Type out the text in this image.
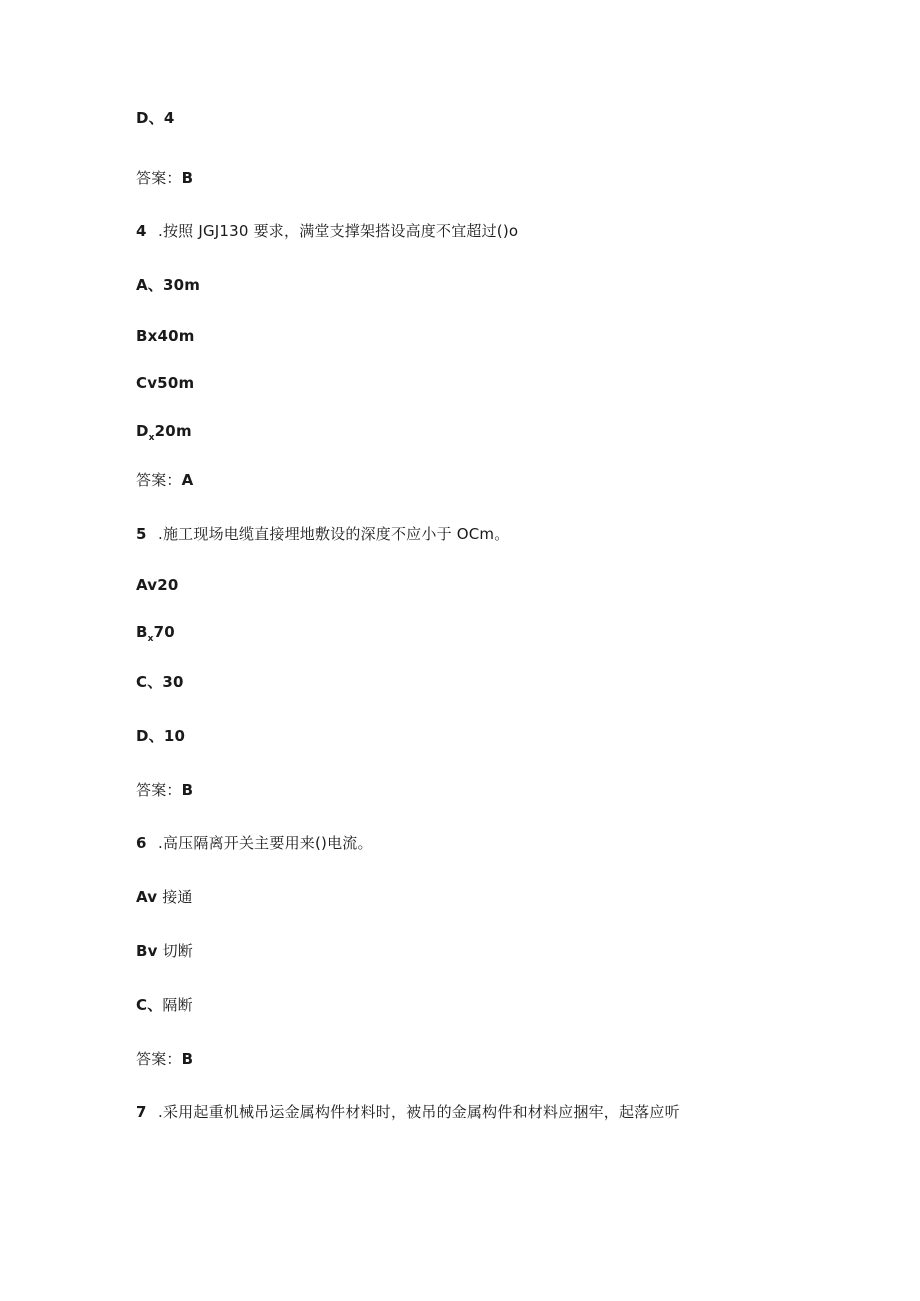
D、4
答案：B
4 .按照 JGJ130 要求，满堂支撑架搭设高度不宜超过()o
A、30m
Bx40m
Cv50m
$D_x20m$
答案：A
5 .施工现场电缆直接埋地敷设的深度不应小于 OCm。
Av20
$B_x70$
C、30
D、10
答案：B
6 .高压隔离开关主要用来()电流。
Av 接通
Bv 切断
C、隔断
答案：B
7 .采用起重机械吊运金属构件材料时，被吊的金属构件和材料应捆牢，起落应听
